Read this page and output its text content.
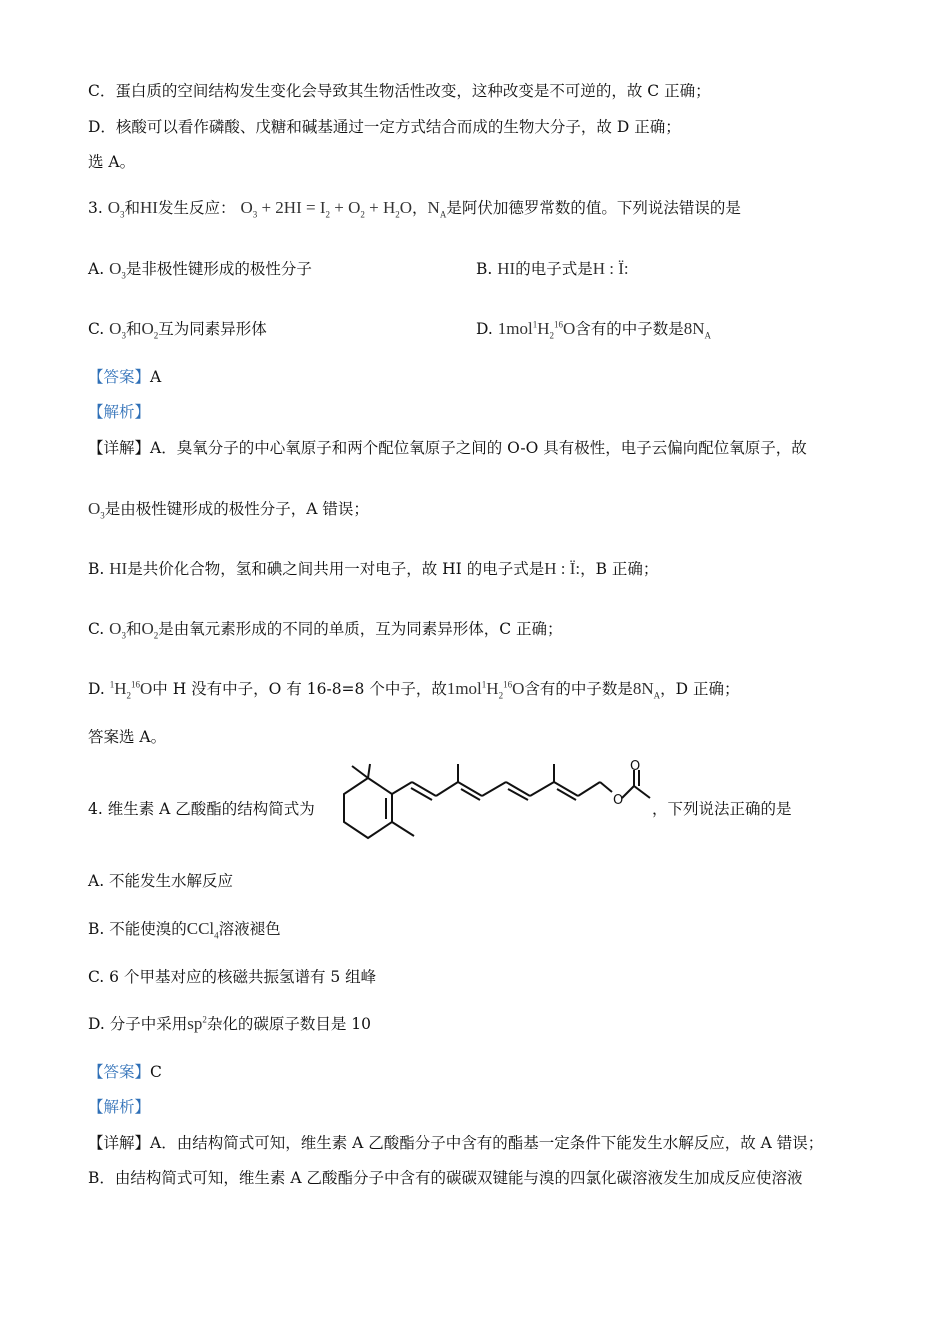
C．蛋白质的空间结构发生变化会导致其生物活性改变，这种改变是不可逆的，故 C 正确；
D．核酸可以看作磷酸、戊糖和碱基通过一定方式结合而成的生物大分子，故 D 正确；
选 A。
3. $O_3$和HI发生反应： $O_3 + 2HI = I_2 + O_2 + H_2O$，$N_A$是阿伏加德罗常数的值。下列说法错误的是
A. $O_3$是非极性键形成的极性分子	B. HI的电子式是H : Ï:
C. $O_3$和$O_2$互为同素异形体	D. $1mol^1H_2^{16}O$含有的中子数是$8N_A$
【答案】A
【解析】
【详解】A．臭氧分子的中心氧原子和两个配位氧原子之间的 O-O 具有极性，电子云偏向配位氧原子，故
$O_3$是由极性键形成的极性分子，A 错误；
B. HI是共价化合物，氢和碘之间共用一对电子，故 HI 的电子式是H : Ï:，B 正确；
C. $O_3$和$O_2$是由氧元素形成的不同的单质，互为同素异形体，C 正确；
D. $^1H_2^{16}O$中 H 没有中子，O 有 16-8=8 个中子，故$1mol^1H_2^{16}O$含有的中子数是$8N_A$，D 正确；
答案选 A。
4. 维生素 A 乙酸酯的结构简式为	O
O
，下列说法正确的是
A. 不能发生水解反应
B. 不能使溴的CCl$_4$溶液褪色
C. 6 个甲基对应的核磁共振氢谱有 5 组峰
D. 分子中采用$sp^2$杂化的碳原子数目是 10
【答案】C
【解析】
【详解】A．由结构简式可知，维生素 A 乙酸酯分子中含有的酯基一定条件下能发生水解反应，故 A 错误；
B．由结构简式可知，维生素 A 乙酸酯分子中含有的碳碳双键能与溴的四氯化碳溶液发生加成反应使溶液
